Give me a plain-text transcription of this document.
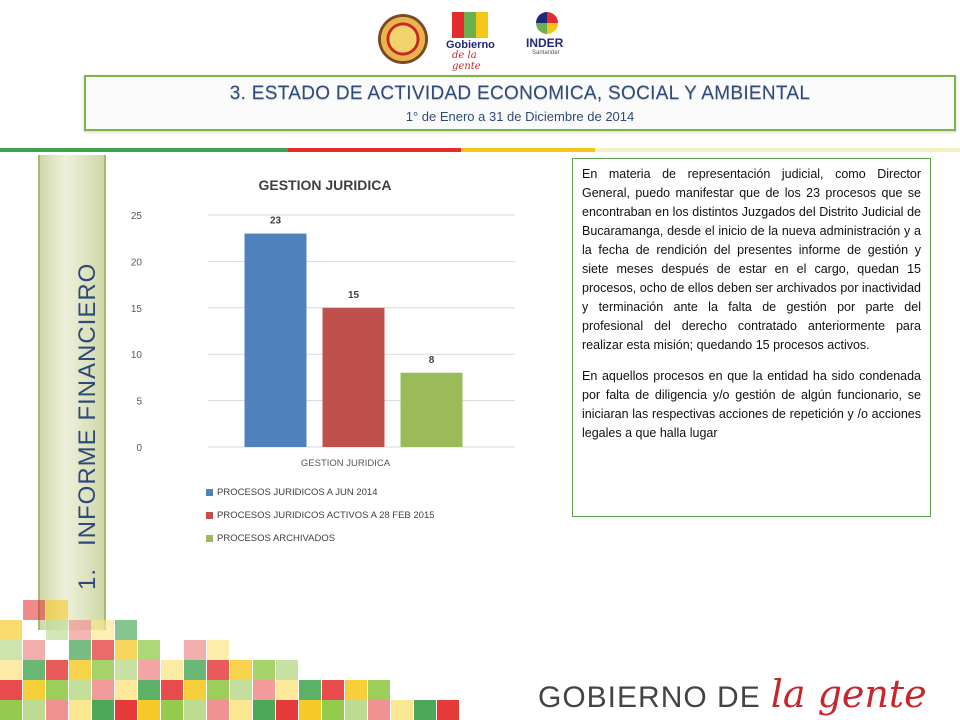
Gobierno
de la gente
INDER
Santander
3. ESTADO DE ACTIVIDAD ECONOMICA, SOCIAL Y AMBIENTAL
1° de Enero a 31 de Diciembre de 2014
1.INFORME FINANCIERO
GESTION JURIDICA
0
5
10
15
20
25	23
15
8
GESTION JURIDICA
PROCESOS JURIDICOS A JUN 2014
PROCESOS JURIDICOS ACTIVOS A 28 FEB 2015
PROCESOS ARCHIVADOS

En materia de representación judicial, como Director General, puedo manifestar que de los 23 procesos que se encontraban en los distintos Juzgados del Distrito Judicial de Bucaramanga, desde el inicio de la nueva administración y a la fecha de rendición del presentes informe de gestión y siete meses después de estar en el cargo, quedan 15 procesos, ocho de ellos deben ser archivados por inactividad y terminación ante la falta de gestión por parte del profesional del derecho contratado anteriormente para realizar esta misión; quedando 15 procesos activos.

En aquellos procesos en que la entidad ha sido condenada por falta de diligencia y/o gestión de algún funcionario, se iniciaran las respectivas acciones de repetición y /o acciones legales a que halla lugar

GOBIERNO DE la gente
